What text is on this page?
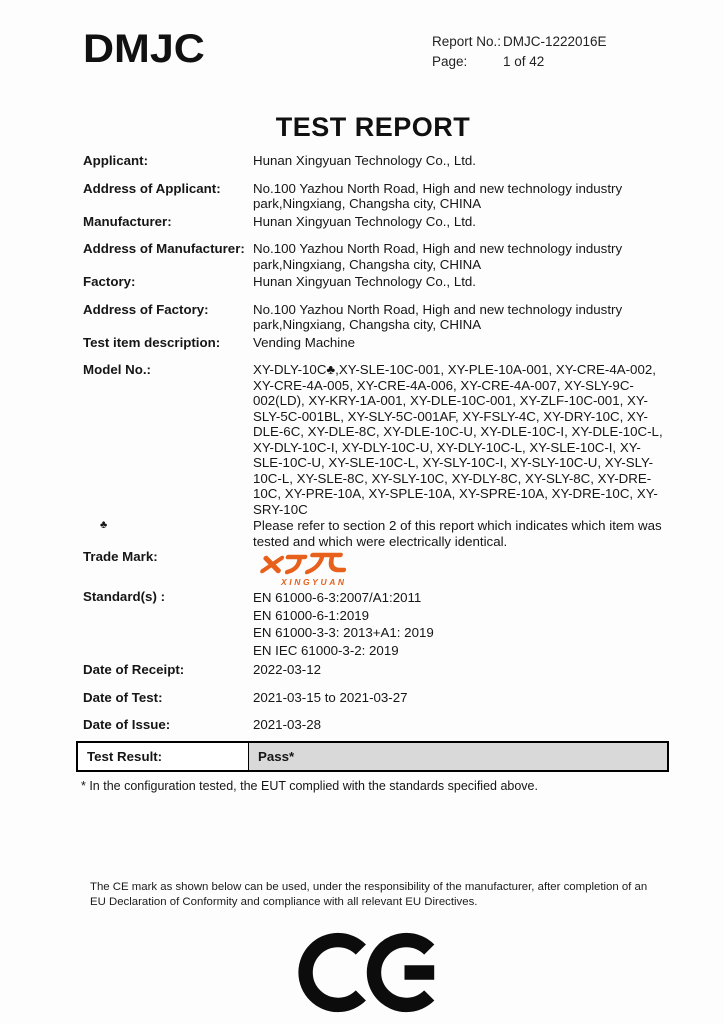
DMJC	Report No.: DMJC-1222016E
Page:	1 of 42
TEST REPORT
Applicant:	Hunan Xingyuan Technology Co., Ltd.
Address of Applicant:	No.100 Yazhou North Road, High and new technology industry park,Ningxiang, Changsha city, CHINA
Manufacturer:	Hunan Xingyuan Technology Co., Ltd.
Address of Manufacturer: No.100 Yazhou North Road, High and new technology industry park,Ningxiang, Changsha city, CHINA
Factory:	Hunan Xingyuan Technology Co., Ltd.
Address of Factory:	No.100 Yazhou North Road, High and new technology industry park,Ningxiang, Changsha city, CHINA
Test item description:	Vending Machine
Model No.:	XY-DLY-10C♣,XY-SLE-10C-001, XY-PLE-10A-001, XY-CRE-4A-002, XY-CRE-4A-005, XY-CRE-4A-006, XY-CRE-4A-007, XY-SLY-9C-002(LD), XY-KRY-1A-001, XY-DLE-10C-001, XY-ZLF-10C-001, XY-SLY-5C-001BL, XY-SLY-5C-001AF, XY-FSLY-4C, XY-DRY-10C, XY-DLE-6C, XY-DLE-8C, XY-DLE-10C-U, XY-DLE-10C-I, XY-DLE-10C-L, XY-DLY-10C-I, XY-DLY-10C-U, XY-DLY-10C-L, XY-SLE-10C-I, XY-SLE-10C-U, XY-SLE-10C-L, XY-SLY-10C-I, XY-SLY-10C-U, XY-SLY-10C-L, XY-SLE-8C, XY-SLY-10C, XY-DLY-8C, XY-SLY-8C, XY-DRE-10C, XY-PRE-10A, XY-SPLE-10A, XY-SPRE-10A, XY-DRE-10C, XY-SRY-10C
♣	Please refer to section 2 of this report which indicates which item was tested and which were electrically identical.
Trade Mark:
XINGYUAN
Standard(s) :	EN 61000-6-3:2007/A1:2011
EN 61000-6-1:2019
EN 61000-3-3: 2013+A1: 2019
EN IEC 61000-3-2: 2019
Date of Receipt:	2022-03-12
Date of Test:	2021-03-15 to 2021-03-27
Date of Issue:	2021-03-28
Test Result:	Pass*
* In the configuration tested, the EUT complied with the standards specified above.
The CE mark as shown below can be used, under the responsibility of the manufacturer, after completion of an EU Declaration of Conformity and compliance with all relevant EU Directives.
